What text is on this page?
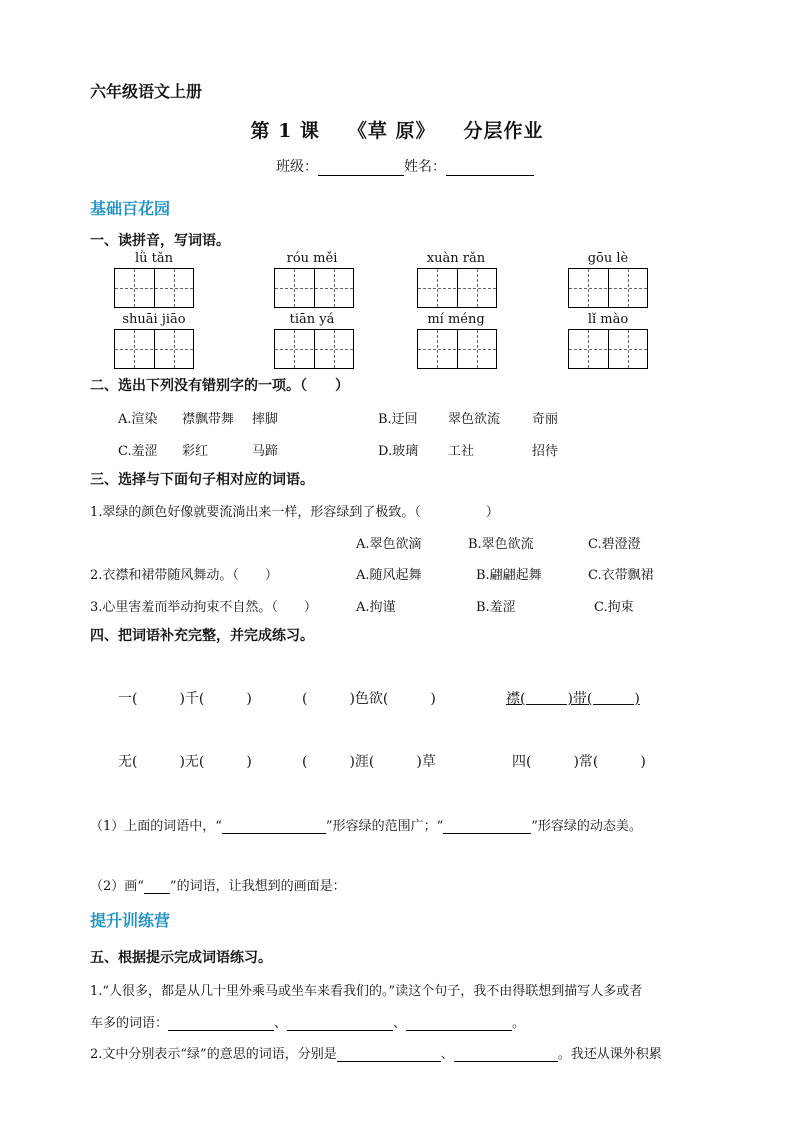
六年级语文上册
第 1 课 《草 原》 分层作业
班级：	姓名：
基础百花园
一、读拼音，写词语。
lǜ tǎn	róu měi	xuàn rǎn	gōu lè
shuāi jiāo	tiān yá	mí méng	lǐ mào
二、选出下列没有错别字的一项。（　　）
A.渲染 襟飘带舞 摔脚	B.迂回 翠色欲流 奇丽
C.羞涩 彩红	马蹄	D.玻璃 工社	招待
三、选择与下面句子相对应的词语。
1.翠绿的颜色好像就要流淌出来一样，形容绿到了极致。（　　　　　）
A.翠色欲滴	B.翠色欲流	C.碧澄澄
2.衣襟和裙带随风舞动。（　　）	A.随风起舞	B.翩翩起舞	C.衣带飘裙
3.心里害羞而举动拘束不自然。（　　）	A.拘谨	B.羞涩	C.拘束
四、把词语补充完整，并完成练习。
一(　　　)千(　　　)	(　　　)色欲(　　　)	襟(　　　)带(　　　)
无(　　　)无(　　　)	(　　　)涯(　　　)草	四(　　　)常(　　　)
（1）上面的词语中，“	”形容绿的范围广；“	”形容绿的动态美。
（2）画“ ”的词语，让我想到的画面是：
提升训练营
五、根据提示完成词语练习。
1.“人很多，都是从几十里外乘马或坐车来看我们的。”读这个句子，我不由得联想到描写人多或者
车多的词语：	、	、	。
2.文中分别表示“绿”的意思的词语，分别是	、	。我还从课外积累
